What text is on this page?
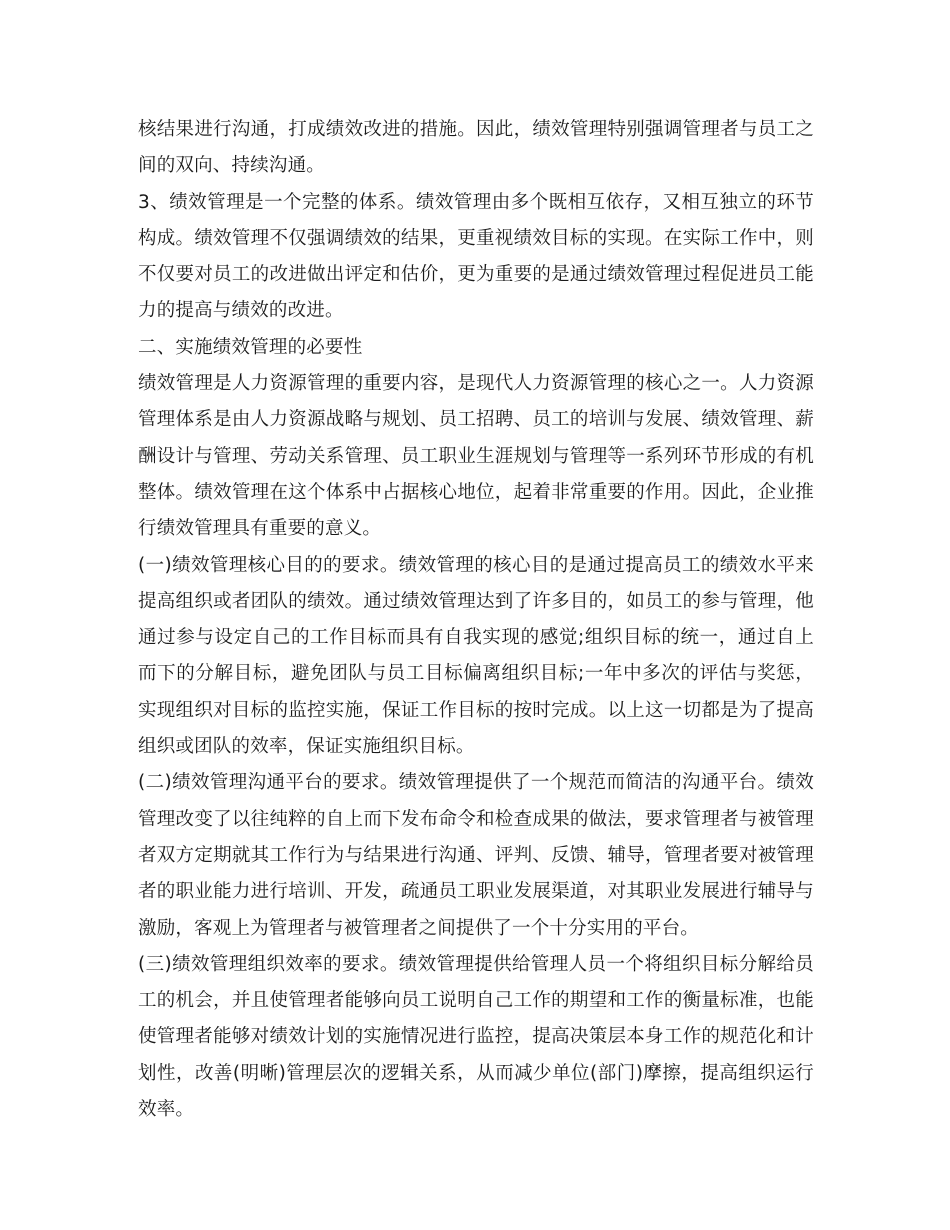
核结果进行沟通，打成绩效改进的措施。因此，绩效管理特别强调管理者与员工之间的双向、持续沟通。

3、绩效管理是一个完整的体系。绩效管理由多个既相互依存，又相互独立的环节构成。绩效管理不仅强调绩效的结果，更重视绩效目标的实现。在实际工作中，则不仅要对员工的改进做出评定和估价，更为重要的是通过绩效管理过程促进员工能力的提高与绩效的改进。

二、实施绩效管理的必要性

绩效管理是人力资源管理的重要内容，是现代人力资源管理的核心之一。人力资源管理体系是由人力资源战略与规划、员工招聘、员工的培训与发展、绩效管理、薪酬设计与管理、劳动关系管理、员工职业生涯规划与管理等一系列环节形成的有机整体。绩效管理在这个体系中占据核心地位，起着非常重要的作用。因此，企业推行绩效管理具有重要的意义。

(一)绩效管理核心目的的要求。绩效管理的核心目的是通过提高员工的绩效水平来提高组织或者团队的绩效。通过绩效管理达到了许多目的，如员工的参与管理，他通过参与设定自己的工作目标而具有自我实现的感觉;组织目标的统一，通过自上而下的分解目标，避免团队与员工目标偏离组织目标;一年中多次的评估与奖惩，实现组织对目标的监控实施，保证工作目标的按时完成。以上这一切都是为了提高组织或团队的效率，保证实施组织目标。

(二)绩效管理沟通平台的要求。绩效管理提供了一个规范而简洁的沟通平台。绩效管理改变了以往纯粹的自上而下发布命令和检查成果的做法，要求管理者与被管理者双方定期就其工作行为与结果进行沟通、评判、反馈、辅导，管理者要对被管理者的职业能力进行培训、开发，疏通员工职业发展渠道，对其职业发展进行辅导与激励，客观上为管理者与被管理者之间提供了一个十分实用的平台。

(三)绩效管理组织效率的要求。绩效管理提供给管理人员一个将组织目标分解给员工的机会，并且使管理者能够向员工说明自己工作的期望和工作的衡量标准，也能使管理者能够对绩效计划的实施情况进行监控，提高决策层本身工作的规范化和计划性，改善(明晰)管理层次的逻辑关系，从而减少单位(部门)摩擦，提高组织运行效率。
